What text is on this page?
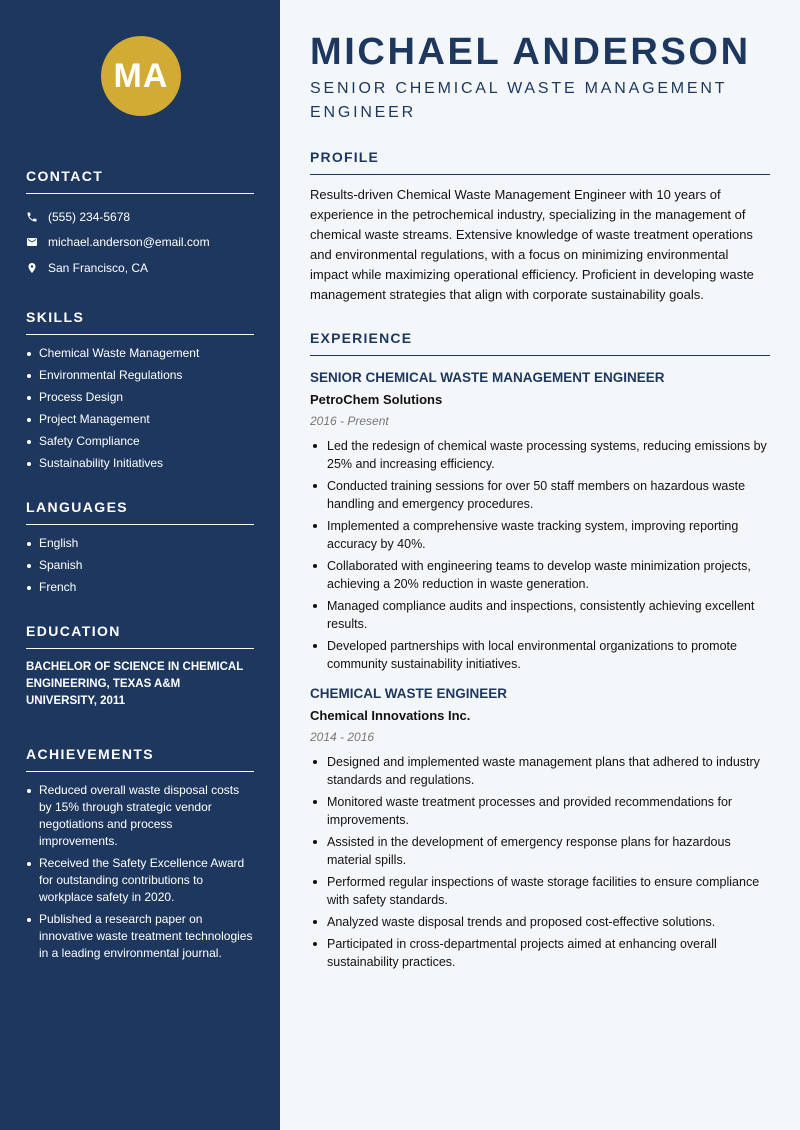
MA
CONTACT
(555) 234-5678
michael.anderson@email.com
San Francisco, CA
SKILLS
Chemical Waste Management
Environmental Regulations
Process Design
Project Management
Safety Compliance
Sustainability Initiatives
LANGUAGES
English
Spanish
French
EDUCATION
BACHELOR OF SCIENCE IN CHEMICAL ENGINEERING, TEXAS A&M UNIVERSITY, 2011
ACHIEVEMENTS
Reduced overall waste disposal costs by 15% through strategic vendor negotiations and process improvements.
Received the Safety Excellence Award for outstanding contributions to workplace safety in 2020.
Published a research paper on innovative waste treatment technologies in a leading environmental journal.
MICHAEL ANDERSON
SENIOR CHEMICAL WASTE MANAGEMENT
ENGINEER
PROFILE

Results-driven Chemical Waste Management Engineer with 10 years of experience in the petrochemical industry, specializing in the management of chemical waste streams. Extensive knowledge of waste treatment operations and environmental regulations, with a focus on minimizing environmental impact while maximizing operational efficiency. Proficient in developing waste management strategies that align with corporate sustainability goals.

EXPERIENCE
SENIOR CHEMICAL WASTE MANAGEMENT ENGINEER
PetroChem Solutions
2016 - Present
Led the redesign of chemical waste processing systems, reducing emissions by 25% and increasing efficiency.
Conducted training sessions for over 50 staff members on hazardous waste handling and emergency procedures.
Implemented a comprehensive waste tracking system, improving reporting accuracy by 40%.
Collaborated with engineering teams to develop waste minimization projects, achieving a 20% reduction in waste generation.
Managed compliance audits and inspections, consistently achieving excellent results.
Developed partnerships with local environmental organizations to promote community sustainability initiatives.
CHEMICAL WASTE ENGINEER
Chemical Innovations Inc.
2014 - 2016
Designed and implemented waste management plans that adhered to industry standards and regulations.
Monitored waste treatment processes and provided recommendations for improvements.
Assisted in the development of emergency response plans for hazardous material spills.
Performed regular inspections of waste storage facilities to ensure compliance with safety standards.
Analyzed waste disposal trends and proposed cost-effective solutions.
Participated in cross-departmental projects aimed at enhancing overall sustainability practices.
